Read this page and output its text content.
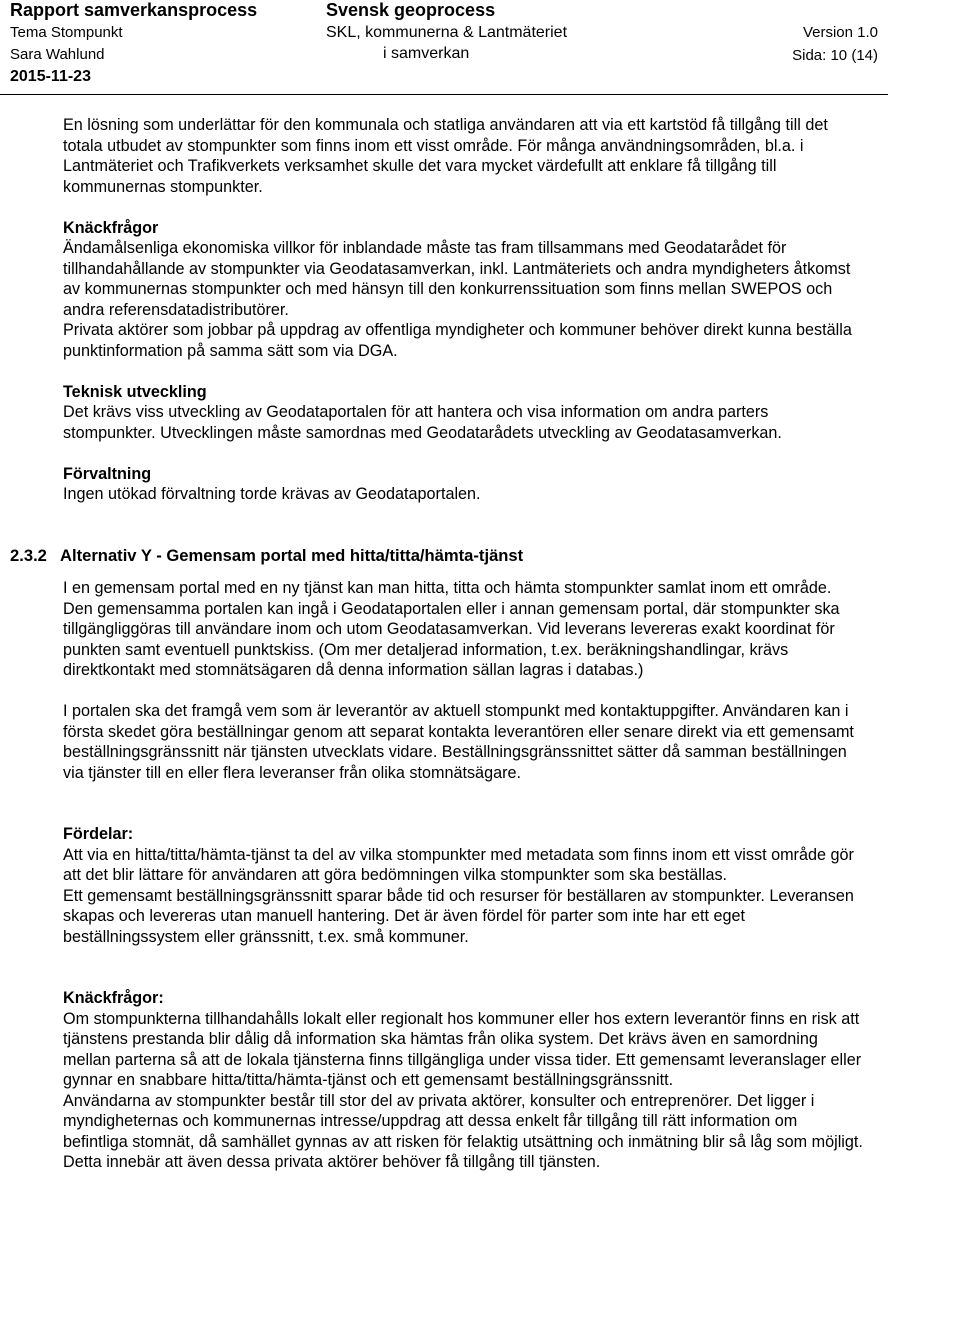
Rapport samverkansprocess
Tema Stompunkt
Sara Wahlund
2015-11-23
Svensk geoprocess
SKL, kommunerna & Lantmäteriet
i samverkan
Version 1.0
Sida: 10 (14)

En lösning som underlättar för den kommunala och statliga användaren att via ett kartstöd få tillgång till det totala utbudet av stompunkter som finns inom ett visst område. För många användningsområden, bl.a. i Lantmäteriet och Trafikverkets verksamhet skulle det vara mycket värdefullt att enklare få tillgång till kommunernas stompunkter.

Knäckfrågor

Ändamålsenliga ekonomiska villkor för inblandade måste tas fram tillsammans med Geodatarådet för tillhandahållande av stompunkter via Geodatasamverkan, inkl. Lantmäteriets och andra myndigheters åtkomst av kommunernas stompunkter och med hänsyn till den konkurrenssituation som finns mellan SWEPOS och andra referensdatadistributörer.

Privata aktörer som jobbar på uppdrag av offentliga myndigheter och kommuner behöver direkt kunna beställa punktinformation på samma sätt som via DGA.

Teknisk utveckling

Det krävs viss utveckling av Geodataportalen för att hantera och visa information om andra parters stompunkter. Utvecklingen måste samordnas med Geodatarådets utveckling av Geodatasamverkan.

Förvaltning

Ingen utökad förvaltning torde krävas av Geodataportalen.

2.3.2 Alternativ Y - Gemensam portal med hitta/titta/hämta-tjänst

I en gemensam portal med en ny tjänst kan man hitta, titta och hämta stompunkter samlat inom ett område. Den gemensamma portalen kan ingå i Geodataportalen eller i annan gemensam portal, där stompunkter ska tillgängliggöras till användare inom och utom Geodatasamverkan. Vid leverans levereras exakt koordinat för punkten samt eventuell punktskiss. (Om mer detaljerad information, t.ex. beräkningshandlingar, krävs direktkontakt med stomnätsägaren då denna information sällan lagras i databas.)

I portalen ska det framgå vem som är leverantör av aktuell stompunkt med kontaktuppgifter. Användaren kan i första skedet göra beställningar genom att separat kontakta leverantören eller senare direkt via ett gemensamt beställningsgränssnitt när tjänsten utvecklats vidare. Beställningsgränssnittet sätter då samman beställningen via tjänster till en eller flera leveranser från olika stomnätsägare.

Fördelar:

Att via en hitta/titta/hämta-tjänst ta del av vilka stompunkter med metadata som finns inom ett visst område gör att det blir lättare för användaren att göra bedömningen vilka stompunkter som ska beställas.

Ett gemensamt beställningsgränssnitt sparar både tid och resurser för beställaren av stompunkter. Leveransen skapas och levereras utan manuell hantering. Det är även fördel för parter som inte har ett eget beställningssystem eller gränssnitt, t.ex. små kommuner.

Knäckfrågor:

Om stompunkterna tillhandahålls lokalt eller regionalt hos kommuner eller hos extern leverantör finns en risk att tjänstens prestanda blir dålig då information ska hämtas från olika system. Det krävs även en samordning mellan parterna så att de lokala tjänsterna finns tillgängliga under vissa tider. Ett gemensamt leveranslager eller gynnar en snabbare hitta/titta/hämta-tjänst och ett gemensamt beställningsgränssnitt.

Användarna av stompunkter består till stor del av privata aktörer, konsulter och entreprenörer. Det ligger i myndigheternas och kommunernas intresse/uppdrag att dessa enkelt får tillgång till rätt information om befintliga stomnät, då samhället gynnas av att risken för felaktig utsättning och inmätning blir så låg som möjligt. Detta innebär att även dessa privata aktörer behöver få tillgång till tjänsten.
